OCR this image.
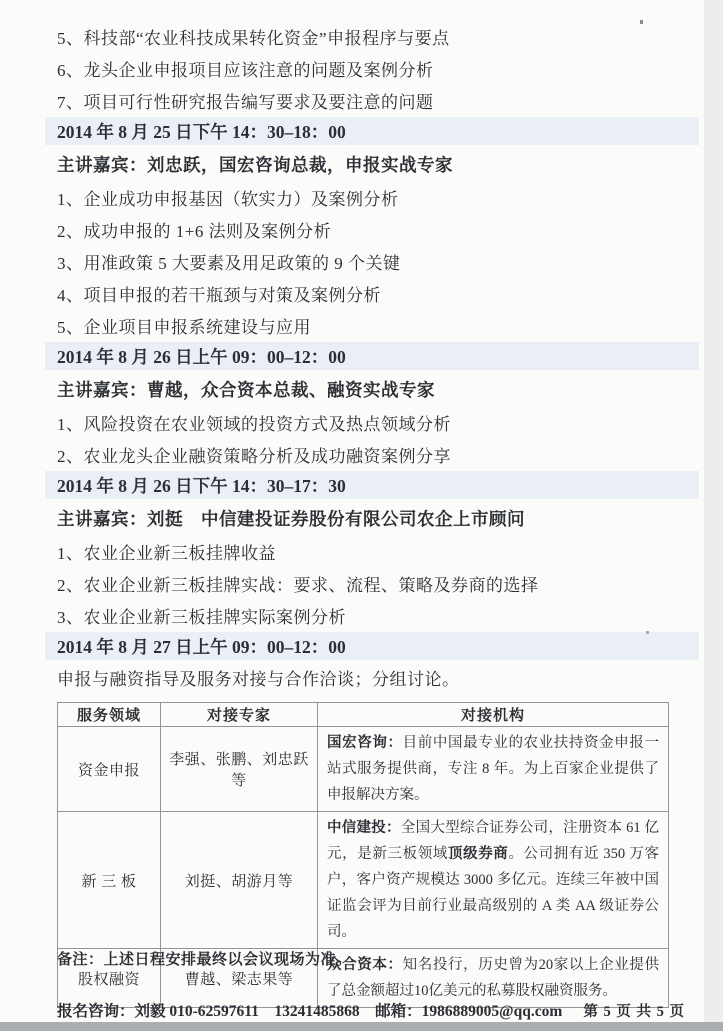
5、科技部“农业科技成果转化资金”申报程序与要点
6、龙头企业申报项目应该注意的问题及案例分析
7、项目可行性研究报告编写要求及要注意的问题
2014 年 8 月 25 日下午 14：30–18：00
主讲嘉宾：刘忠跃，国宏咨询总裁，申报实战专家
1、企业成功申报基因（软实力）及案例分析
2、成功申报的 1+6 法则及案例分析
3、用准政策 5 大要素及用足政策的 9 个关键
4、项目申报的若干瓶颈与对策及案例分析
5、企业项目申报系统建设与应用
2014 年 8 月 26 日上午 09：00–12：00
主讲嘉宾：曹越，众合资本总裁、融资实战专家
1、风险投资在农业领域的投资方式及热点领域分析
2、农业龙头企业融资策略分析及成功融资案例分享
2014 年 8 月 26 日下午 14：30–17：30
主讲嘉宾：刘挺　中信建投证券股份有限公司农企上市顾问
1、农业企业新三板挂牌收益
2、农业企业新三板挂牌实战：要求、流程、策略及券商的选择
3、农业企业新三板挂牌实际案例分析
2014 年 8 月 27 日上午 09：00–12：00
申报与融资指导及服务对接与合作洽谈；分组讨论。
服务领域	对接专家	对接机构
资金申报	李强、张鹏、刘忠跃等	国宏咨询：目前中国最专业的农业扶持资金申报一站式服务提供商，专注 8 年。为上百家企业提供了申报解决方案。
新 三 板	刘挺、胡游月等	中信建投：全国大型综合证券公司，注册资本 61 亿元，是新三板领域顶级券商。公司拥有近 350 万客户，客户资产规模达 3000 多亿元。连续三年被中国证监会评为目前行业最高级别的 A 类 AA 级证券公司。
股权融资	曹越、梁志果等	众合资本：知名投行，历史曾为20家以上企业提供了总金额超过10亿美元的私募股权融资服务。
备注：上述日程安排最终以会议现场为准。
报名咨询：刘毅 010-62597611　13241485868　邮箱：1986889005@qq.com 第 5 页 共 5 页
